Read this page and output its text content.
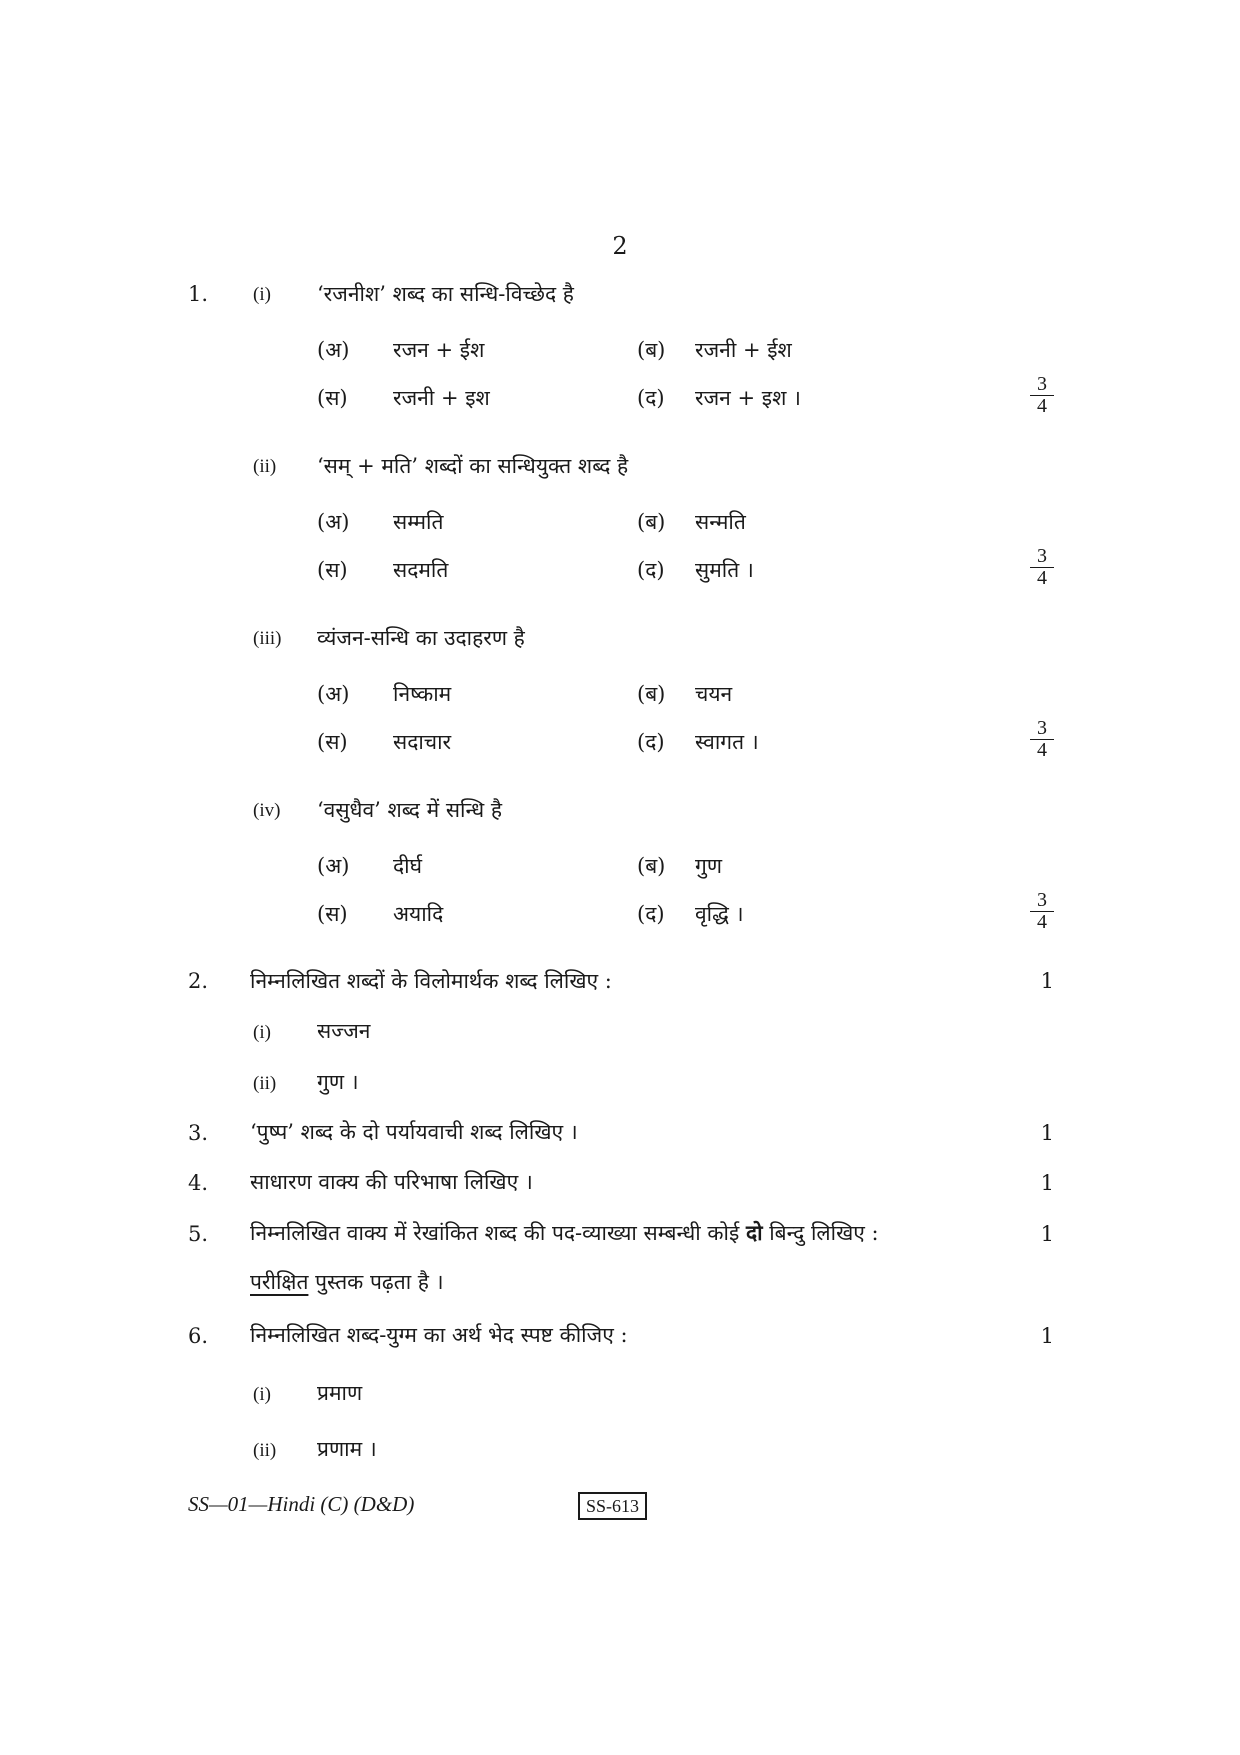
2
1. (i) ‘रजनीश’ शब्द का सन्धि-विच्छेद है
(अ) रजन + ईश	(ब) रजनी + ईश
(स) रजनी + इश	(द) रजन + इश ।	$\frac{3}{4}$
(ii) ‘सम् + मति’ शब्दों का सन्धियुक्त शब्द है
(अ) सम्मति	(ब) सन्मति
(स) सदमति	(द) सुमति ।	$\frac{3}{4}$
(iii) व्यंजन-सन्धि का उदाहरण है
(अ) निष्काम	(ब) चयन
(स) सदाचार	(द) स्वागत ।	$\frac{3}{4}$
(iv) ‘वसुधैव’ शब्द में सन्धि है
(अ) दीर्घ	(ब) गुण
(स) अयादि	(द) वृद्धि ।	$\frac{3}{4}$
2. निम्नलिखित शब्दों के विलोमार्थक शब्द लिखिए :	1
(i) सज्जन
(ii) गुण ।
3. ‘पुष्प’ शब्द के दो पर्यायवाची शब्द लिखिए ।	1
4. साधारण वाक्य की परिभाषा लिखिए ।	1
5. निम्नलिखित वाक्य में रेखांकित शब्द की पद-व्याख्या सम्बन्धी कोई दो बिन्दु लिखिए :	1
परीक्षित पुस्तक पढ़ता है ।
6. निम्नलिखित शब्द-युग्म का अर्थ भेद स्पष्ट कीजिए :	1
(i) प्रमाण
(ii) प्रणाम ।
SS—01—Hindi (C) (D&D)	SS-613
